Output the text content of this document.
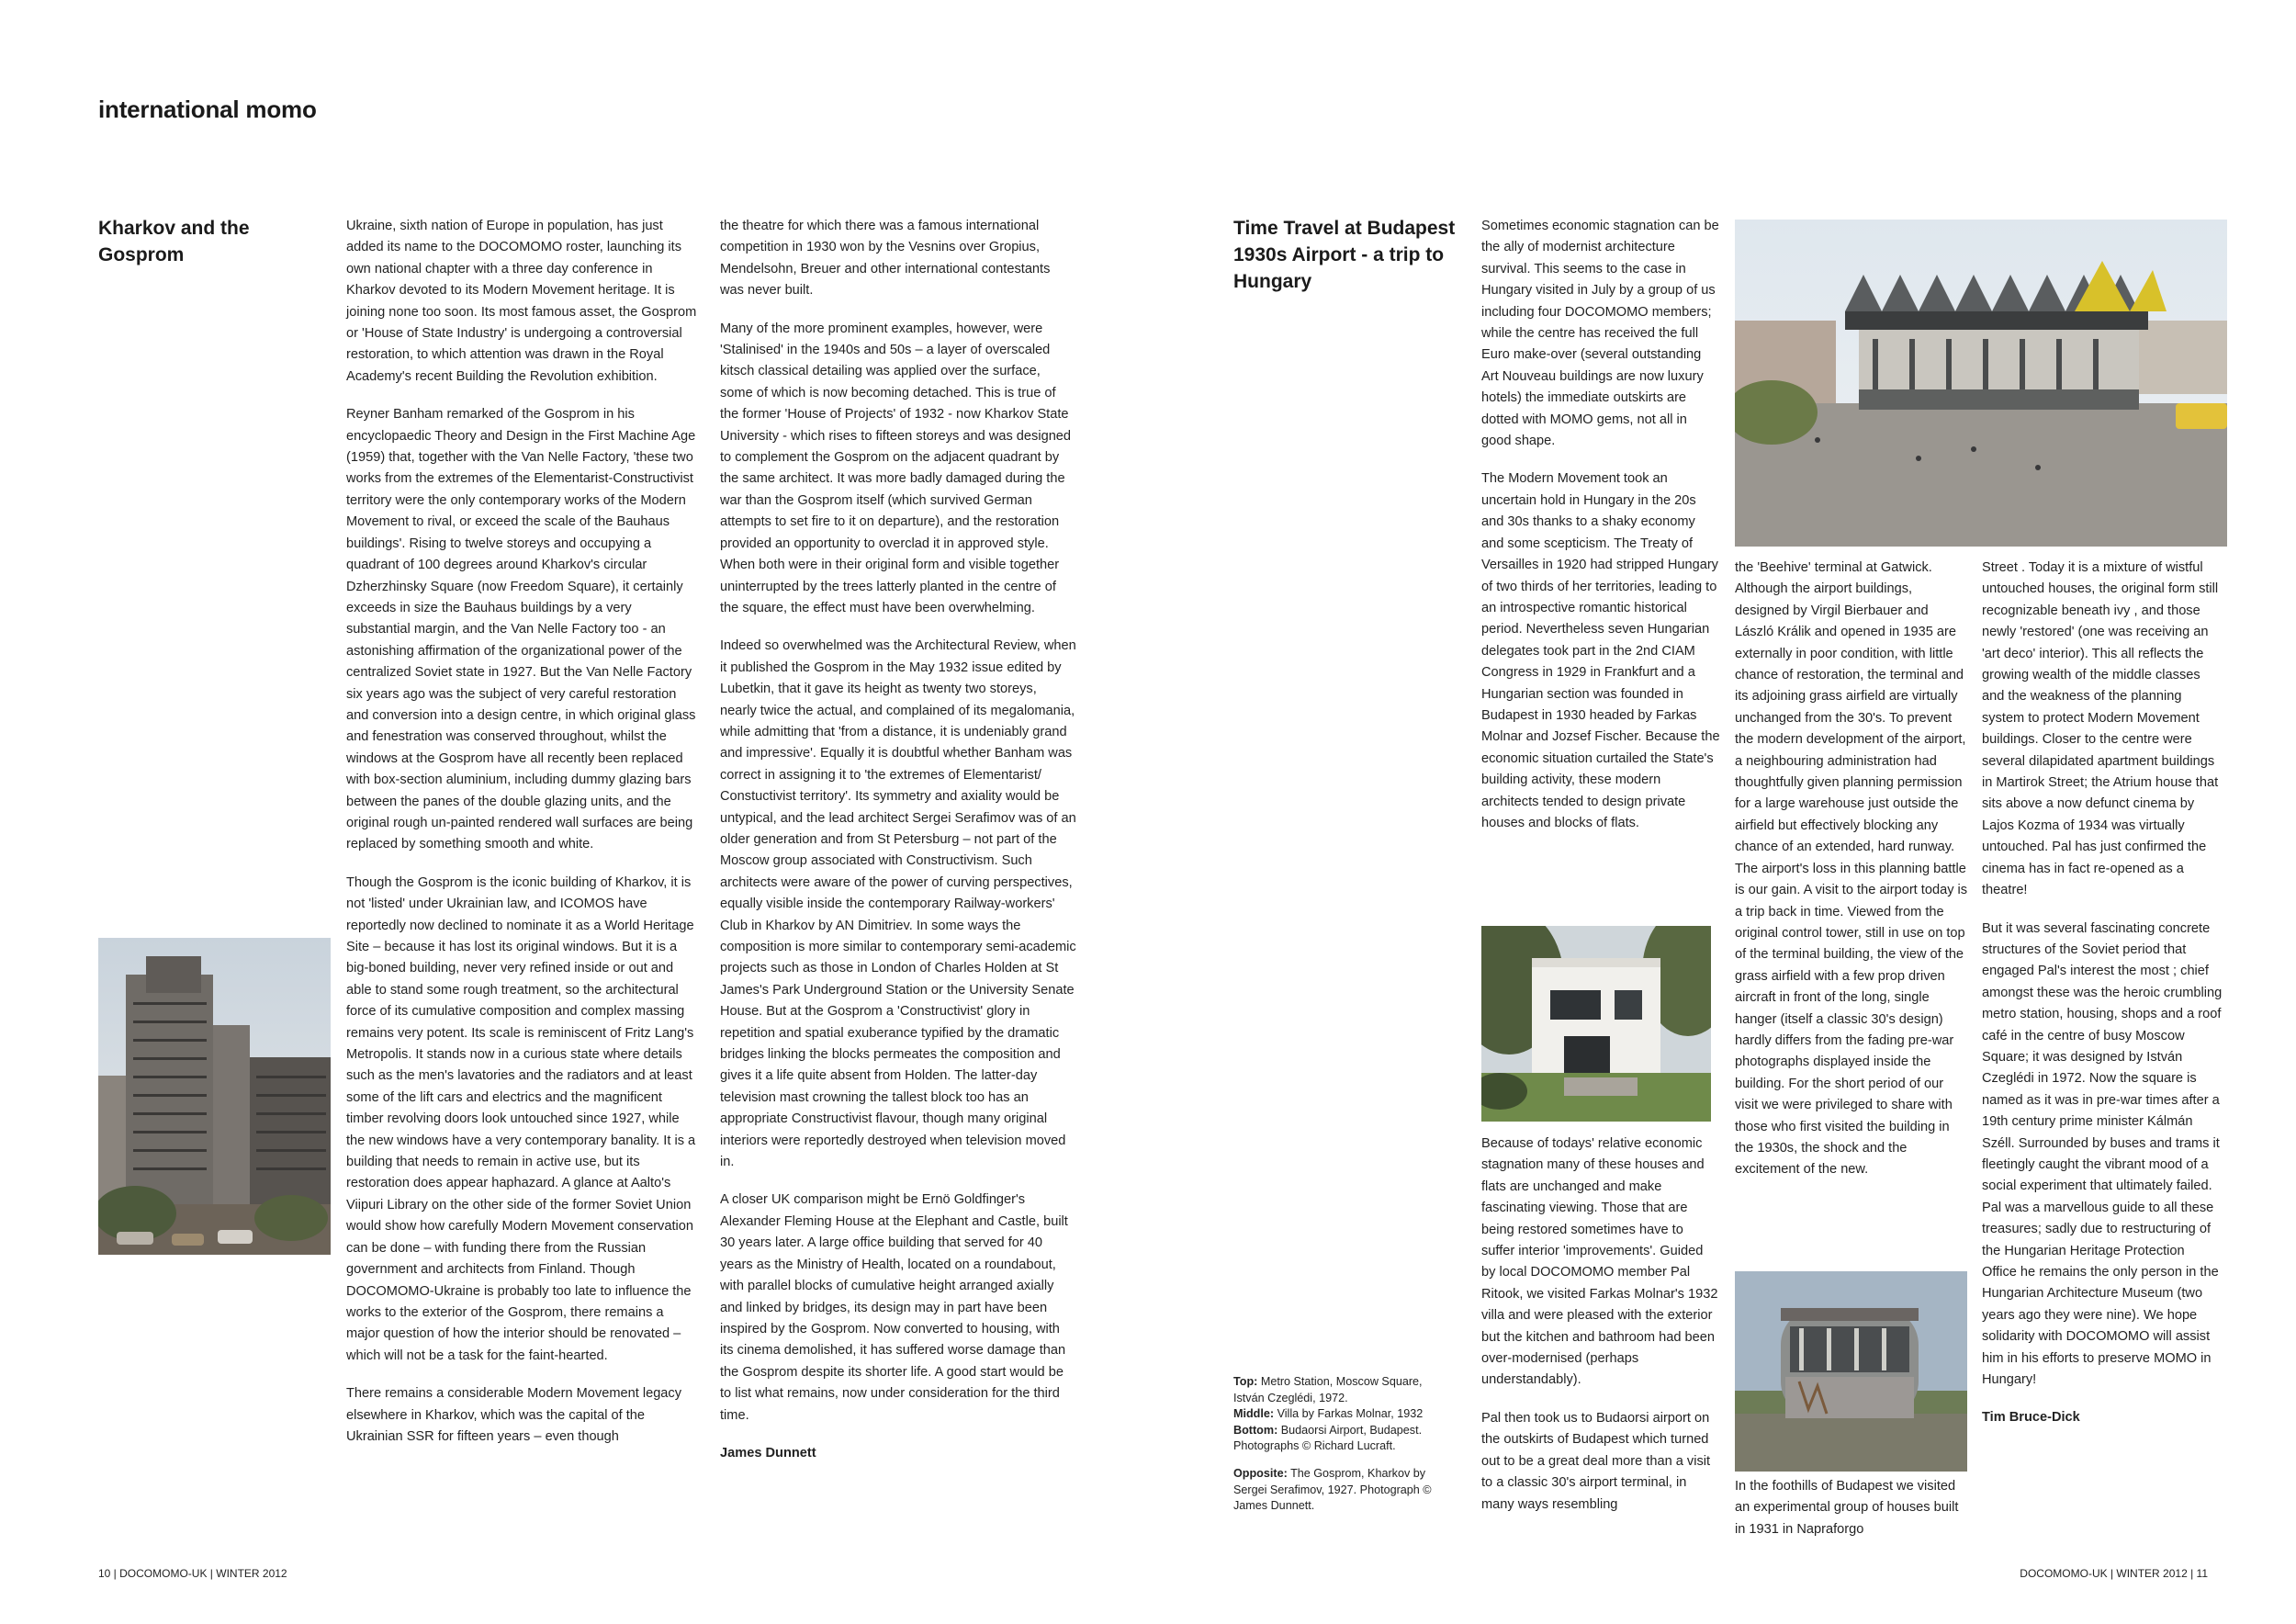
international momo
Kharkov and the Gosprom

Ukraine, sixth nation of Europe in population, has just added its name to the DOCOMOMO roster, launching its own national chapter with a three day conference in Kharkov devoted to its Modern Movement heritage. It is joining none too soon. Its most famous asset, the Gosprom or 'House of State Industry' is undergoing a controversial restoration, to which attention was drawn in the Royal Academy's recent Building the Revolution exhibition.

Reyner Banham remarked of the Gosprom in his encyclopaedic Theory and Design in the First Machine Age (1959) that, together with the Van Nelle Factory, 'these two works from the extremes of the Elementarist-Constructivist territory were the only contemporary works of the Modern Movement to rival, or exceed the scale of the Bauhaus buildings'. Rising to twelve storeys and occupying a quadrant of 100 degrees around Kharkov's circular Dzherzhinsky Square (now Freedom Square), it certainly exceeds in size the Bauhaus buildings by a very substantial margin, and the Van Nelle Factory too - an astonishing affirmation of the organizational power of the centralized Soviet state in 1927. But the Van Nelle Factory six years ago was the subject of very careful restoration and conversion into a design centre, in which original glass and fenestration was conserved throughout, whilst the windows at the Gosprom have all recently been replaced with box-section aluminium, including dummy glazing bars between the panes of the double glazing units, and the original rough un-painted rendered wall surfaces are being replaced by something smooth and white.

Though the Gosprom is the iconic building of Kharkov, it is not 'listed' under Ukrainian law, and ICOMOS have reportedly now declined to nominate it as a World Heritage Site – because it has lost its original windows. But it is a big-boned building, never very refined inside or out and able to stand some rough treatment, so the architectural force of its cumulative composition and complex massing remains very potent. Its scale is reminiscent of Fritz Lang's Metropolis. It stands now in a curious state where details such as the men's lavatories and the radiators and at least some of the lift cars and electrics and the magnificent timber revolving doors look untouched since 1927, while the new windows have a very contemporary banality. It is a building that needs to remain in active use, but its restoration does appear haphazard. A glance at Aalto's Viipuri Library on the other side of the former Soviet Union would show how carefully Modern Movement conservation can be done – with funding there from the Russian government and architects from Finland. Though DOCOMOMO-Ukraine is probably too late to influence the works to the exterior of the Gosprom, there remains a major question of how the interior should be renovated – which will not be a task for the faint-hearted.

There remains a considerable Modern Movement legacy elsewhere in Kharkov, which was the capital of the Ukrainian SSR for fifteen years – even though

the theatre for which there was a famous international competition in 1930 won by the Vesnins over Gropius, Mendelsohn, Breuer and other international contestants was never built.

Many of the more prominent examples, however, were 'Stalinised' in the 1940s and 50s – a layer of overscaled kitsch classical detailing was applied over the surface, some of which is now becoming detached. This is true of the former 'House of Projects' of 1932 - now Kharkov State University - which rises to fifteen storeys and was designed to complement the Gosprom on the adjacent quadrant by the same architect. It was more badly damaged during the war than the Gosprom itself (which survived German attempts to set fire to it on departure), and the restoration provided an opportunity to overclad it in approved style. When both were in their original form and visible together uninterrupted by the trees latterly planted in the centre of the square, the effect must have been overwhelming.

Indeed so overwhelmed was the Architectural Review, when it published the Gosprom in the May 1932 issue edited by Lubetkin, that it gave its height as twenty two storeys, nearly twice the actual, and complained of its megalomania, while admitting that 'from a distance, it is undeniably grand and impressive'. Equally it is doubtful whether Banham was correct in assigning it to 'the extremes of Elementarist/ Constuctivist territory'. Its symmetry and axiality would be untypical, and the lead architect Sergei Serafimov was of an older generation and from St Petersburg – not part of the Moscow group associated with Constructivism. Such architects were aware of the power of curving perspectives, equally visible inside the contemporary Railway-workers' Club in Kharkov by AN Dimitriev. In some ways the composition is more similar to contemporary semi-academic projects such as those in London of Charles Holden at St James's Park Underground Station or the University Senate House. But at the Gosprom a 'Constructivist' glory in repetition and spatial exuberance typified by the dramatic bridges linking the blocks permeates the composition and gives it a life quite absent from Holden. The latter-day television mast crowning the tallest block too has an appropriate Constructivist flavour, though many original interiors were reportedly destroyed when television moved in.

A closer UK comparison might be Ernö Goldfinger's Alexander Fleming House at the Elephant and Castle, built 30 years later. A large office building that served for 40 years as the Ministry of Health, located on a roundabout, with parallel blocks of cumulative height arranged axially and linked by bridges, its design may in part have been inspired by the Gosprom. Now converted to housing, with its cinema demolished, it has suffered worse damage than the Gosprom despite its shorter life. A good start would be to list what remains, now under consideration for the third time.

James Dunnett

Time Travel at Budapest 1930s Airport - a trip to Hungary

Sometimes economic stagnation can be the ally of modernist architecture survival. This seems to the case in Hungary visited in July by a group of us including four DOCOMOMO members; while the centre has received the full Euro make-over (several outstanding Art Nouveau buildings are now luxury hotels) the immediate outskirts are dotted with MOMO gems, not all in good shape.

The Modern Movement took an uncertain hold in Hungary in the 20s and 30s thanks to a shaky economy and some scepticism. The Treaty of Versailles in 1920 had stripped Hungary of two thirds of her territories, leading to an introspective romantic historical period. Nevertheless seven Hungarian delegates took part in the 2nd CIAM Congress in 1929 in Frankfurt and a Hungarian section was founded in Budapest in 1930 headed by Farkas Molnar and Jozsef Fischer. Because the economic situation curtailed the State's building activity, these modern architects tended to design private houses and blocks of flats.

Because of todays' relative economic stagnation many of these houses and flats are unchanged and make fascinating viewing. Those that are being restored sometimes have to suffer interior 'improvements'. Guided by local DOCOMOMO member Pal Ritook, we visited Farkas Molnar's 1932 villa and were pleased with the exterior but the kitchen and bathroom had been over-modernised (perhaps understandably).

Pal then took us to Budaorsi airport on the outskirts of Budapest which turned out to be a great deal more than a visit to a classic 30's airport terminal, in many ways resembling

the 'Beehive' terminal at Gatwick. Although the airport buildings, designed by Virgil Bierbauer and László Králik and opened in 1935 are externally in poor condition, with little chance of restoration, the terminal and its adjoining grass airfield are virtually unchanged from the 30's. To prevent the modern development of the airport, a neighbouring administration had thoughtfully given planning permission for a large warehouse just outside the airfield but effectively blocking any chance of an extended, hard runway. The airport's loss in this planning battle is our gain. A visit to the airport today is a trip back in time. Viewed from the original control tower, still in use on top of the terminal building, the view of the grass airfield with a few prop driven aircraft in front of the long, single hanger (itself a classic 30's design) hardly differs from the fading pre-war photographs displayed inside the building. For the short period of our visit we were privileged to share with those who first visited the building in the 1930s, the shock and the excitement of the new.

In the foothills of Budapest we visited an experimental group of houses built in 1931 in Napraforgo

Street . Today it is a mixture of wistful untouched houses, the original form still recognizable beneath ivy , and those newly 'restored' (one was receiving an 'art deco' interior). This all reflects the growing wealth of the middle classes and the weakness of the planning system to protect Modern Movement buildings. Closer to the centre were several dilapidated apartment buildings in Martirok Street; the Atrium house that sits above a now defunct cinema by Lajos Kozma of 1934 was virtually untouched. Pal has just confirmed the cinema has in fact re-opened as a theatre!

But it was several fascinating concrete structures of the Soviet period that engaged Pal's interest the most ; chief amongst these was the heroic crumbling metro station, housing, shops and a roof café in the centre of busy Moscow Square; it was designed by István Czeglédi in 1972. Now the square is named as it was in pre-war times after a 19th century prime minister Kálmán Széll. Surrounded by buses and trams it fleetingly caught the vibrant mood of a social experiment that ultimately failed. Pal was a marvellous guide to all these treasures; sadly due to restructuring of the Hungarian Heritage Protection Office he remains the only person in the Hungarian Architecture Museum (two years ago they were nine). We hope solidarity with DOCOMOMO will assist him in his efforts to preserve MOMO in Hungary!

Tim Bruce-Dick

Top: Metro Station, Moscow Square, István Czeglédi, 1972.
Middle: Villa by Farkas Molnar, 1932
Bottom: Budaorsi Airport, Budapest. Photographs © Richard Lucraft.

Opposite: The Gosprom, Kharkov by Sergei Serafimov, 1927. Photograph © James Dunnett.

10 | DOCOMOMO-UK | WINTER 2012	DOCOMOMO-UK | WINTER 2012 | 11
